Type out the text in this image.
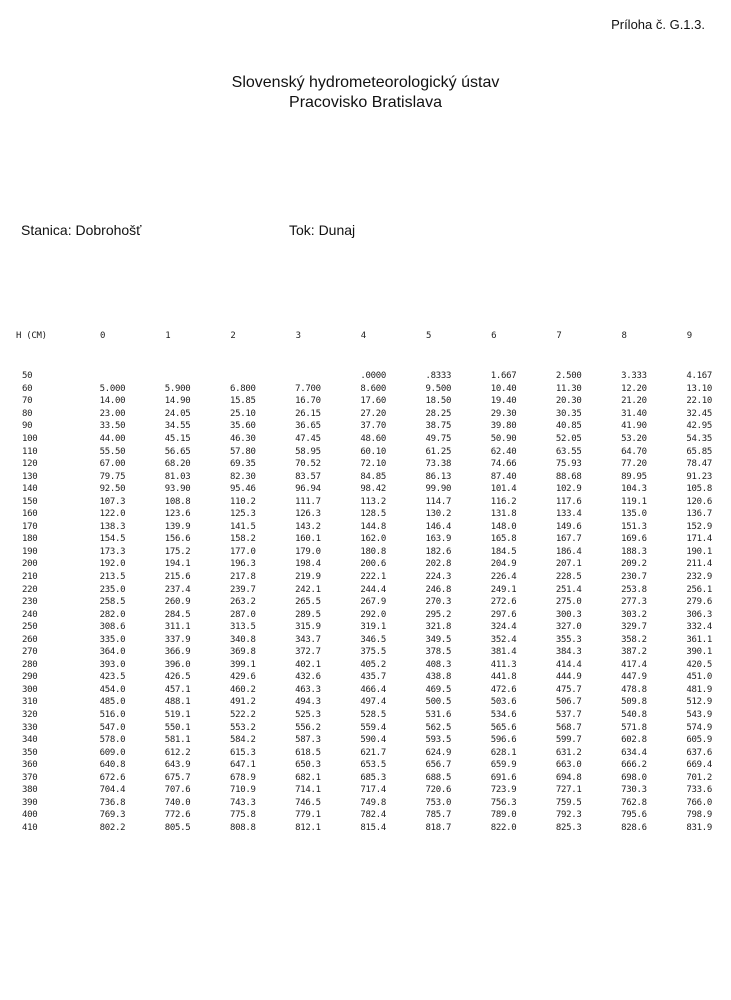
Príloha č. G.1.3.
Slovenský hydrometeorologický ústav
Pracovisko Bratislava
Stanica: Dobrohošť	Tok: Dunaj
H (CM)	0	1	2	3	4	5	6	7	8	9

50					.0000	.8333	1.667	2.500	3.333	4.167
60	5.000	5.900	6.800	7.700	8.600	9.500	10.40	11.30	12.20	13.10
70	14.00	14.90	15.85	16.70	17.60	18.50	19.40	20.30	21.20	22.10
80	23.00	24.05	25.10	26.15	27.20	28.25	29.30	30.35	31.40	32.45
90	33.50	34.55	35.60	36.65	37.70	38.75	39.80	40.85	41.90	42.95
100	44.00	45.15	46.30	47.45	48.60	49.75	50.90	52.05	53.20	54.35
110	55.50	56.65	57.80	58.95	60.10	61.25	62.40	63.55	64.70	65.85
120	67.00	68.20	69.35	70.52	72.10	73.38	74.66	75.93	77.20	78.47
130	79.75	81.03	82.30	83.57	84.85	86.13	87.40	88.68	89.95	91.23
140	92.50	93.90	95.46	96.94	98.42	99.90	101.4	102.9	104.3	105.8
150	107.3	108.8	110.2	111.7	113.2	114.7	116.2	117.6	119.1	120.6
160	122.0	123.6	125.3	126.3	128.5	130.2	131.8	133.4	135.0	136.7
170	138.3	139.9	141.5	143.2	144.8	146.4	148.0	149.6	151.3	152.9
180	154.5	156.6	158.2	160.1	162.0	163.9	165.8	167.7	169.6	171.4
190	173.3	175.2	177.0	179.0	180.8	182.6	184.5	186.4	188.3	190.1
200	192.0	194.1	196.3	198.4	200.6	202.8	204.9	207.1	209.2	211.4
210	213.5	215.6	217.8	219.9	222.1	224.3	226.4	228.5	230.7	232.9
220	235.0	237.4	239.7	242.1	244.4	246.8	249.1	251.4	253.8	256.1
230	258.5	260.9	263.2	265.5	267.9	270.3	272.6	275.0	277.3	279.6
240	282.0	284.5	287.0	289.5	292.0	295.2	297.6	300.3	303.2	306.3
250	308.6	311.1	313.5	315.9	319.1	321.8	324.4	327.0	329.7	332.4
260	335.0	337.9	340.8	343.7	346.5	349.5	352.4	355.3	358.2	361.1
270	364.0	366.9	369.8	372.7	375.5	378.5	381.4	384.3	387.2	390.1
280	393.0	396.0	399.1	402.1	405.2	408.3	411.3	414.4	417.4	420.5
290	423.5	426.5	429.6	432.6	435.7	438.8	441.8	444.9	447.9	451.0
300	454.0	457.1	460.2	463.3	466.4	469.5	472.6	475.7	478.8	481.9
310	485.0	488.1	491.2	494.3	497.4	500.5	503.6	506.7	509.8	512.9
320	516.0	519.1	522.2	525.3	528.5	531.6	534.6	537.7	540.8	543.9
330	547.0	550.1	553.2	556.2	559.4	562.5	565.6	568.7	571.8	574.9
340	578.0	581.1	584.2	587.3	590.4	593.5	596.6	599.7	602.8	605.9
350	609.0	612.2	615.3	618.5	621.7	624.9	628.1	631.2	634.4	637.6
360	640.8	643.9	647.1	650.3	653.5	656.7	659.9	663.0	666.2	669.4
370	672.6	675.7	678.9	682.1	685.3	688.5	691.6	694.8	698.0	701.2
380	704.4	707.6	710.9	714.1	717.4	720.6	723.9	727.1	730.3	733.6
390	736.8	740.0	743.3	746.5	749.8	753.0	756.3	759.5	762.8	766.0
400	769.3	772.6	775.8	779.1	782.4	785.7	789.0	792.3	795.6	798.9
410	802.2	805.5	808.8	812.1	815.4	818.7	822.0	825.3	828.6	831.9
